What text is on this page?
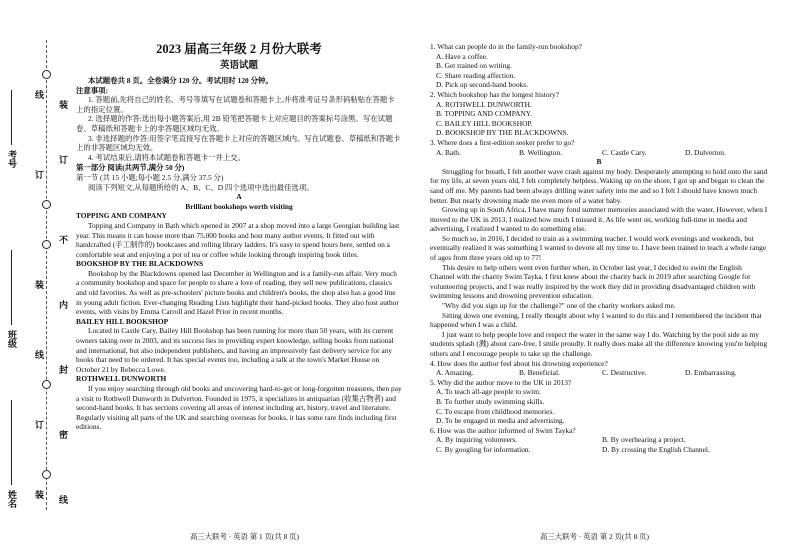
考号
班级
姓名
线
订
装
线
订
装
装
订
不
内
封
密
线
2023 届高三年级 2 月份大联考
英语试题
本试题卷共 8 页。全卷满分 120 分。考试用时 120 分钟。
注意事项:
1. 答题前,先将自己的姓名、考号等填写在试题卷和答题卡上,并将准考证号条形码粘贴在答题卡上的指定位置。
2. 选择题的作答:选出每小题答案后,用 2B 铅笔把答题卡上对应题目的答案标号涂黑。写在试题卷、草稿纸和答题卡上的非答题区域均无效。
3. 非选择题的作答:用签字笔直接写在答题卡上对应的答题区域内。写在试题卷、草稿纸和答题卡上的非答题区域均无效。
4. 考试结束后,请将本试题卷和答题卡一并上交。
第一部分 阅读(共两节,满分 50 分)
第一节 (共 15 小题;每小题 2.5 分,满分 37.5 分)
阅读下列短文,从每题所给的 A、B、C、D 四个选项中选出最佳选项。
A
Brilliant bookshops worth visiting
TOPPING AND COMPANY
Topping and Company in Bath which opened in 2007 at a shop moved into a large Georgian building last year. This means it can house more than 75,000 books and host many author events. It fitted out with handcrafted (手工制作的) bookcases and rolling library ladders. It's easy to spend hours here, settled on a comfortable seat and enjoying a pot of tea or coffee while looking through inspiring book titles.
BOOKSHOP BY THE BLACKDOWNS
Bookshop by the Blackdowns opened last December in Wellington and is a family-run affair. Very much a community bookshop and space for people to share a love of reading, they sell new publications, classics and old favorites. As well as pre-schoolers' picture books and children's books, the shop also has a good line in young adult fiction. Ever-changing Reading Lists highlight their hand-picked books. They also host author events, with visits by Emma Carroll and Hazel Prior in recent months.
BAILEY HILL BOOKSHOP
Located in Castle Cary, Bailey Hill Bookshop has been running for more than 50 years, with its current owners taking over in 2003, and its success lies in providing expert knowledge, selling books from national and international, but also independent publishers, and having an impressively fast delivery service for any books that need to be ordered. It has special events too, including a talk at the town's Market House on October 21 by Rebecca Lowe.
ROTHWELL DUNWORTH
If you enjoy searching through old books and uncovering hard-to-get or long-forgotten treasures, then pay a visit to Rothwell Dunworth in Dulverton. Founded in 1975, it specializes in antiquarian (收集古物者) and second-hand books. It has sections covering all areas of interest including art, history, travel and literature. Regularly visiting all parts of the UK and searching overseas for books, it has some rare finds including first editions.
1. What can people do in the family-run bookshop?
A. Have a coffee.
B. Get trained on writing.
C. Share reading affection.
D. Pick up second-hand books.
2. Which bookshop has the longest history?
A. ROTHWELL DUNWORTH.
B. TOPPING AND COMPANY.
C. BAILEY HILL BOOKSHOP.
D. BOOKSHOP BY THE BLACKDOWNS.
3. Where does a first-edition seeker prefer to go?
A. Bath.	B. Wellington.	C. Castle Cary.	D. Dulverton.
B
Struggling for breath, I felt another wave crash against my body. Desperately attempting to hold onto the sand for my life, at seven years old, I felt completely helpless. Waking up on the shore, I got up and began to clean the sand off me. My parents had been always drilling water safety into me and so I felt I should have known much better. But nearly drowning made me even more of a water baby.
Growing up in South Africa, I have many fond summer memories associated with the water. However, when I moved to the UK in 2013, I realized how much I missed it. As life went on, working full-time in media and advertising, I realized I wanted to do something else.
So much so, in 2016, I decided to train as a swimming teacher. I would work evenings and weekends, but eventually realized it was something I wanted to devote all my time to. I have been trained to teach a whole range of ages from three years old up to 77!
This desire to help others went even further when, in October last year, I decided to swim the English Channel with the charity Swim Tayka. I first knew about the charity back in 2019 after searching Google for volunteering projects, and I was really inspired by the work they did in providing disadvantaged children with swimming lessons and drowning prevention education.
"Why did you sign up for the challenge?" one of the charity workers asked me.
Sitting down one evening, I really thought about why I wanted to do this and I remembered the incident that happened when I was a child.
I just want to help people love and respect the water in the same way I do. Watching by the pool side as my students splash (溅) about care-free, I smile proudly. It really does make all the difference knowing you're helping others and I encourage people to take up the challenge.
4. How does the author feel about his drowning experience?
A. Amazing.	B. Beneficial.	C. Destructive.	D. Embarrassing.
5. Why did the author move to the UK in 2013?
A. To teach all-age people to swim.
B. To further study swimming skills.
C. To escape from childhood memories.
D. To be engaged in media and advertising.
6. How was the author informed of Swim Tayka?
A. By inquiring volunteers.	B. By overhearing a project.
C. By googling for information.	D. By crossing the English Channel.
高三大联考 · 英语 第 1 页(共 8 页)	高三大联考 · 英语 第 2 页(共 8 页)
